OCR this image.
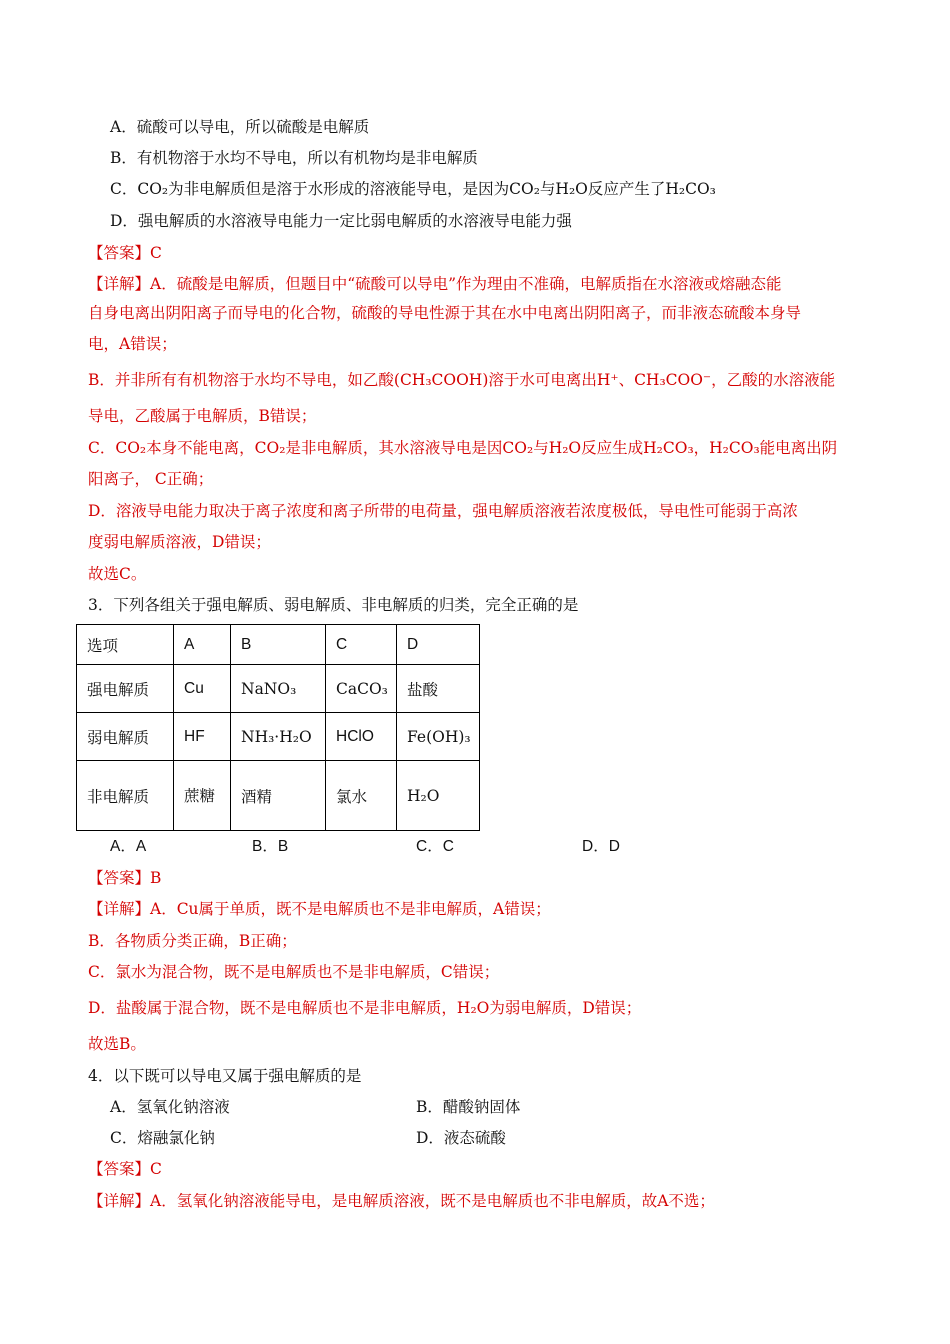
A．硫酸可以导电，所以硫酸是电解质
B．有机物溶于水均不导电，所以有机物均是非电解质
C．CO₂为非电解质但是溶于水形成的溶液能导电，是因为CO₂与H₂O反应产生了H₂CO₃
D．强电解质的水溶液导电能力一定比弱电解质的水溶液导电能力强
【答案】C
【详解】A．硫酸是电解质，但题目中“硫酸可以导电”作为理由不准确，电解质指在水溶液或熔融态能
自身电离出阴阳离子而导电的化合物，硫酸的导电性源于其在水中电离出阴阳离子，而非液态硫酸本身导
电，A错误；
B．并非所有有机物溶于水均不导电，如乙酸(CH₃COOH)溶于水可电离出H⁺、CH₃COO⁻，乙酸的水溶液能
导电，乙酸属于电解质，B错误；
C．CO₂本身不能电离，CO₂是非电解质，其水溶液导电是因CO₂与H₂O反应生成H₂CO₃，H₂CO₃能电离出阴
阳离子， C正确；
D．溶液导电能力取决于离子浓度和离子所带的电荷量，强电解质溶液若浓度极低，导电性可能弱于高浓
度弱电解质溶液，D错误；
故选C。
3．下列各组关于强电解质、弱电解质、非电解质的归类，完全正确的是
选项	A	B	C	D
强电解质	Cu	NaNO₃	CaCO₃	盐酸
弱电解质	HF	NH₃·H₂O	HClO	Fe(OH)₃
非电解质	蔗糖	酒精	氯水	H₂O
A．A	B．B	C．C	D．D
【答案】B
【详解】A．Cu属于单质，既不是电解质也不是非电解质，A错误；
B．各物质分类正确，B正确；
C．氯水为混合物，既不是电解质也不是非电解质，C错误；
D．盐酸属于混合物，既不是电解质也不是非电解质，H₂O为弱电解质，D错误；
故选B。
4．以下既可以导电又属于强电解质的是
A．氢氧化钠溶液	B．醋酸钠固体
C．熔融氯化钠	D．液态硫酸
【答案】C
【详解】A．氢氧化钠溶液能导电，是电解质溶液，既不是电解质也不非电解质，故A不选；
